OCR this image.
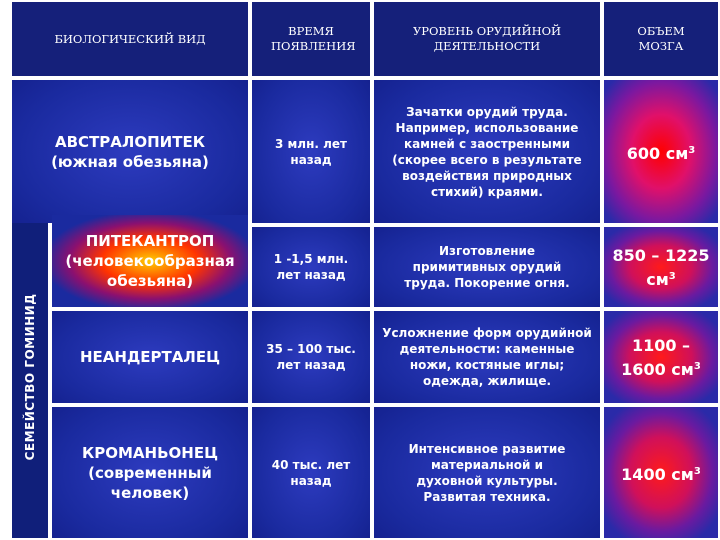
СЕМЕЙСТВО ГОМИНИД
БИОЛОГИЧЕСКИЙ ВИД
ВРЕМЯ ПОЯВЛЕНИЯ
УРОВЕНЬ ОРУДИЙНОЙ ДЕЯТЕЛЬНОСТИ
ОБЪЕМ МОЗГА
АВСТРАЛОПИТЕК
(южная обезьяна)
3 млн. лет назад
Зачатки орудий труда. Например, использование камней с заостренными (скорее всего в результате воздействия природных стихий) краями.
600 $см^3$
ПИТЕКАНТРОП
(человекообразная обезьяна)
1 -1,5 млн. лет назад
Изготовление примитивных орудий труда. Покорение огня.
850 – 1225 $см^3$
НЕАНДЕРТАЛЕЦ	35 – 100 тыс. лет назад
Усложнение форм орудийной деятельности: каменные ножи, костяные иглы; одежда, жилище.
1100 – 1600 $см^3$
КРОМАНЬОНЕЦ
(современный человек)
40 тыс. лет назад
Интенсивное развитие материальной и духовной культуры. Развитая техника.
1400 $см^3$
